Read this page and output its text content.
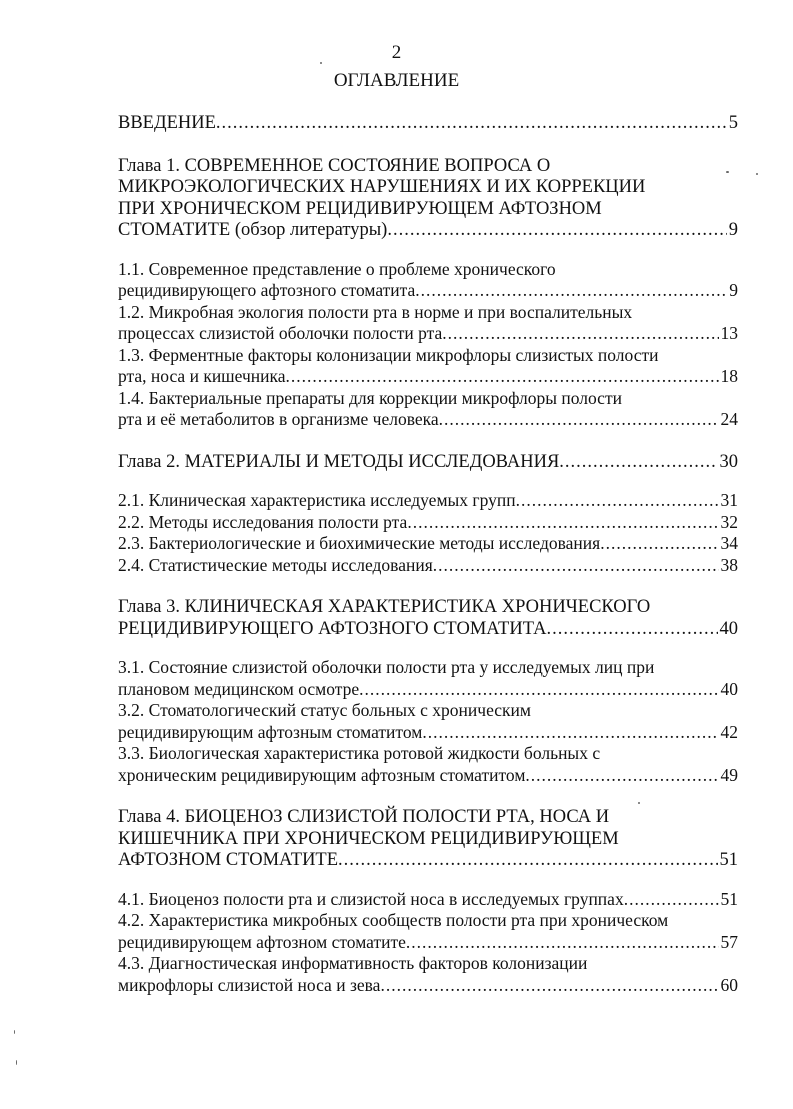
2
ОГЛАВЛЕНИЕ
ВВЕДЕНИЕ .....	5
Глава 1. СОВРЕМЕННОЕ СОСТОЯНИЕ ВОПРОСА О
МИКРОЭКОЛОГИЧЕСКИХ НАРУШЕНИЯХ И ИХ КОРРЕКЦИИ
ПРИ ХРОНИЧЕСКОМ РЕЦИДИВИРУЮЩЕМ АФТОЗНОМ
СТОМАТИТЕ (обзор литературы) .....	9
1.1. Современное представление о проблеме хронического
рецидивирующего афтозного стоматита .....	9
1.2. Микробная экология полости рта в норме и при воспалительных
процессах слизистой оболочки полости рта .....	13
1.3. Ферментные факторы колонизации микрофлоры слизистых полости
рта, носа и кишечника .....	18
1.4. Бактериальные препараты для коррекции микрофлоры полости
рта и её метаболитов в организме человека .....	24
Глава 2. МАТЕРИАЛЫ И МЕТОДЫ ИССЛЕДОВАНИЯ .....	30
2.1. Клиническая характеристика исследуемых групп .....	31
2.2. Методы исследования полости рта .....	32
2.3. Бактериологические и биохимические методы исследования .....	34
2.4. Статистические методы исследования .....	38
Глава 3. КЛИНИЧЕСКАЯ ХАРАКТЕРИСТИКА ХРОНИЧЕСКОГО
РЕЦИДИВИРУЮЩЕГО АФТОЗНОГО СТОМАТИТА .....	40
3.1. Состояние слизистой оболочки полости рта у исследуемых лиц при
плановом медицинском осмотре .....	40
3.2. Стоматологический статус больных с хроническим
рецидивирующим афтозным стоматитом .....	42
3.3. Биологическая характеристика ротовой жидкости больных с
хроническим рецидивирующим афтозным стоматитом .....	49
Глава 4. БИОЦЕНОЗ СЛИЗИСТОЙ ПОЛОСТИ РТА, НОСА И
КИШЕЧНИКА ПРИ ХРОНИЧЕСКОМ РЕЦИДИВИРУЮЩЕМ
АФТОЗНОМ СТОМАТИТЕ .....	51
4.1. Биоценоз полости рта и слизистой носа в исследуемых группах .....	51
4.2. Характеристика микробных сообществ полости рта при хроническом
рецидивирующем афтозном стоматите .....	57
4.3. Диагностическая информативность факторов колонизации
микрофлоры слизистой носа и зева .....	60
